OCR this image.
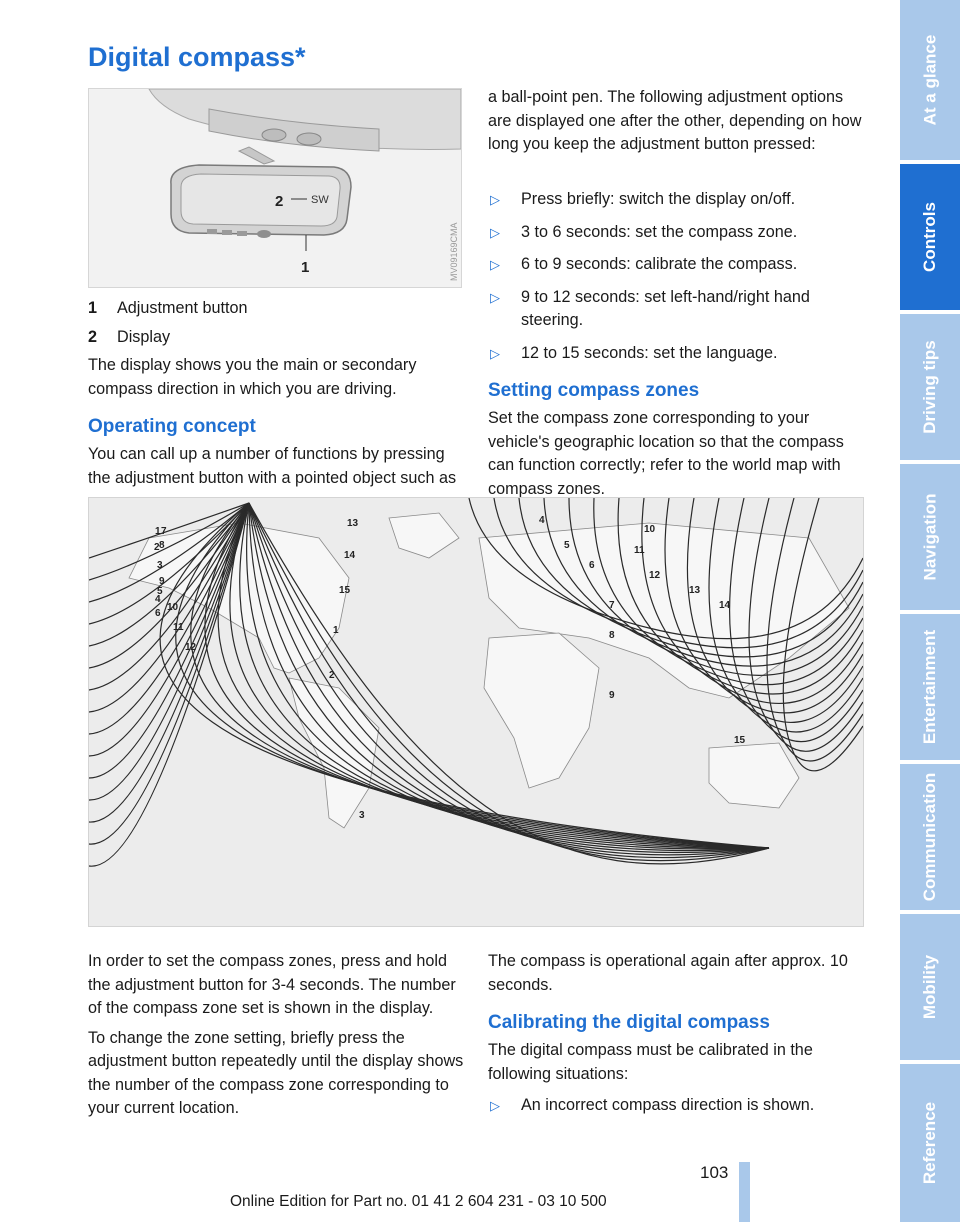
Digital compass*
2	SW
1	MV09169CMA
1	Adjustment button
2	Display

The display shows you the main or secondary compass direction in which you are driving.

Operating concept

You can call up a number of functions by pressing the adjustment button with a pointed object such as

a ball-point pen. The following adjustment options are displayed one after the other, depending on how long you keep the adjustment button pressed:

▷	Press briefly: switch the display on/off.
▷	3 to 6 seconds: set the compass zone.
▷	6 to 9 seconds: calibrate the compass.
▷	9 to 12 seconds: set left-hand/right hand steering.
▷	12 to 15 seconds: set the language.
Setting compass zones

Set the compass zone corresponding to your vehicle's geographic location so that the compass can function correctly; refer to the world map with compass zones.

1
2
3
4
5
6
7
8
9
10
11
12
13
14
15
1
2
3
4
5
6
7
8
9
10
11
12
13
14
15

In order to set the compass zones, press and hold the adjustment button for 3-4 seconds. The number of the compass zone set is shown in the display.

To change the zone setting, briefly press the adjustment button repeatedly until the display shows the number of the compass zone corresponding to your current location.

The compass is operational again after approx. 10 seconds.

Calibrating the digital compass

The digital compass must be calibrated in the following situations:

▷	An incorrect compass direction is shown.
At a glance
Controls
Driving tips
Navigation
Entertainment
Communication
Mobility
Reference
103
Online Edition for Part no. 01 41 2 604 231 - 03 10 500
